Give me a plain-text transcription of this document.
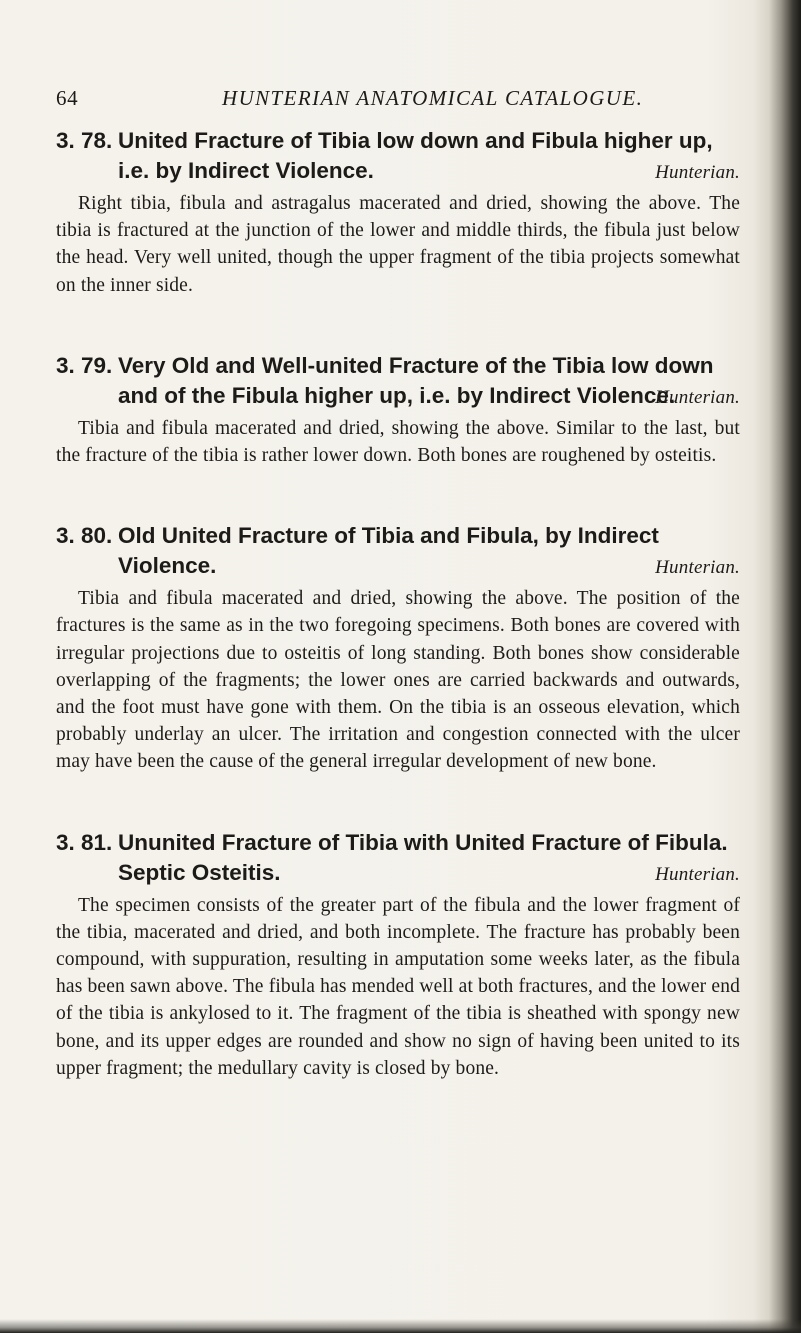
64	HUNTERIAN ANATOMICAL CATALOGUE.
3. 78. United Fracture of Tibia low down and Fibula higher up, i.e. by Indirect Violence.	Hunterian.
Right tibia, fibula and astragalus macerated and dried, showing the above. The tibia is fractured at the junction of the lower and middle thirds, the fibula just below the head. Very well united, though the upper fragment of the tibia projects somewhat on the inner side.
3. 79. Very Old and Well-united Fracture of the Tibia low down and of the Fibula higher up, i.e. by Indirect Violence.
Hunterian.
Tibia and fibula macerated and dried, showing the above. Similar to the last, but the fracture of the tibia is rather lower down. Both bones are roughened by osteitis.
3. 80. Old United Fracture of Tibia and Fibula, by Indirect Violence.	Hunterian.
Tibia and fibula macerated and dried, showing the above. The position of the fractures is the same as in the two foregoing specimens. Both bones are covered with irregular projections due to osteitis of long standing. Both bones show considerable overlapping of the fragments; the lower ones are carried backwards and outwards, and the foot must have gone with them. On the tibia is an osseous elevation, which probably underlay an ulcer. The irritation and congestion connected with the ulcer may have been the cause of the general irregular development of new bone.
3. 81. Ununited Fracture of Tibia with United Fracture of Fibula. Septic Osteitis.	Hunterian.
The specimen consists of the greater part of the fibula and the lower fragment of the tibia, macerated and dried, and both incomplete. The fracture has probably been compound, with suppuration, resulting in amputation some weeks later, as the fibula has been sawn above. The fibula has mended well at both fractures, and the lower end of the tibia is ankylosed to it. The fragment of the tibia is sheathed with spongy new bone, and its upper edges are rounded and show no sign of having been united to its upper fragment; the medullary cavity is closed by bone.
